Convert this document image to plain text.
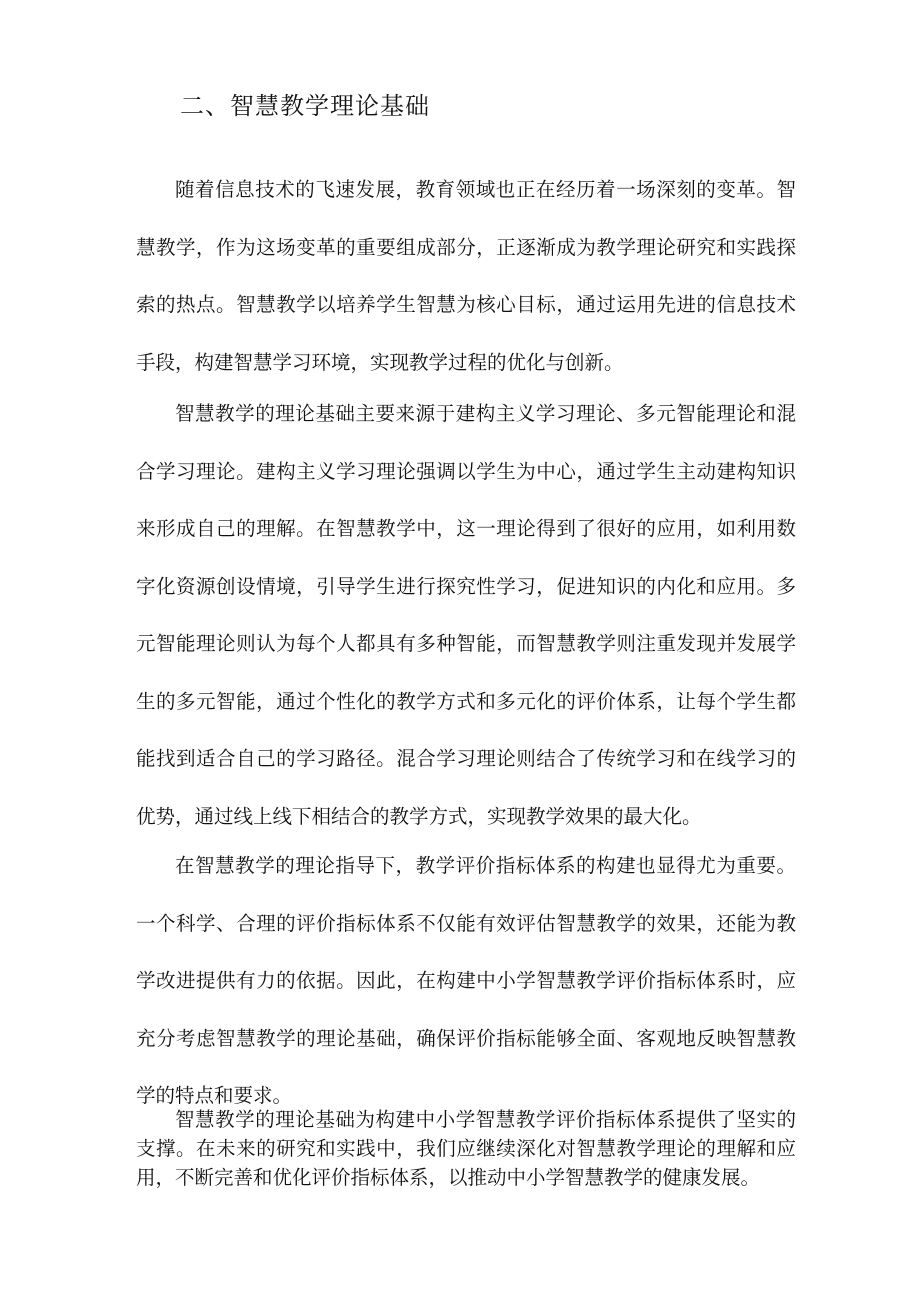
二、智慧教学理论基础

随着信息技术的飞速发展，教育领域也正在经历着一场深刻的变革。智慧教学，作为这场变革的重要组成部分，正逐渐成为教学理论研究和实践探索的热点。智慧教学以培养学生智慧为核心目标，通过运用先进的信息技术手段，构建智慧学习环境，实现教学过程的优化与创新。

智慧教学的理论基础主要来源于建构主义学习理论、多元智能理论和混合学习理论。建构主义学习理论强调以学生为中心，通过学生主动建构知识来形成自己的理解。在智慧教学中，这一理论得到了很好的应用，如利用数字化资源创设情境，引导学生进行探究性学习，促进知识的内化和应用。多元智能理论则认为每个人都具有多种智能，而智慧教学则注重发现并发展学生的多元智能，通过个性化的教学方式和多元化的评价体系，让每个学生都能找到适合自己的学习路径。混合学习理论则结合了传统学习和在线学习的优势，通过线上线下相结合的教学方式，实现教学效果的最大化。

在智慧教学的理论指导下，教学评价指标体系的构建也显得尤为重要。一个科学、合理的评价指标体系不仅能有效评估智慧教学的效果，还能为教学改进提供有力的依据。因此，在构建中小学智慧教学评价指标体系时，应充分考虑智慧教学的理论基础，确保评价指标能够全面、客观地反映智慧教学的特点和要求。

智慧教学的理论基础为构建中小学智慧教学评价指标体系提供了坚实的支撑。在未来的研究和实践中，我们应继续深化对智慧教学理论的理解和应用，不断完善和优化评价指标体系，以推动中小学智慧教学的健康发展。
